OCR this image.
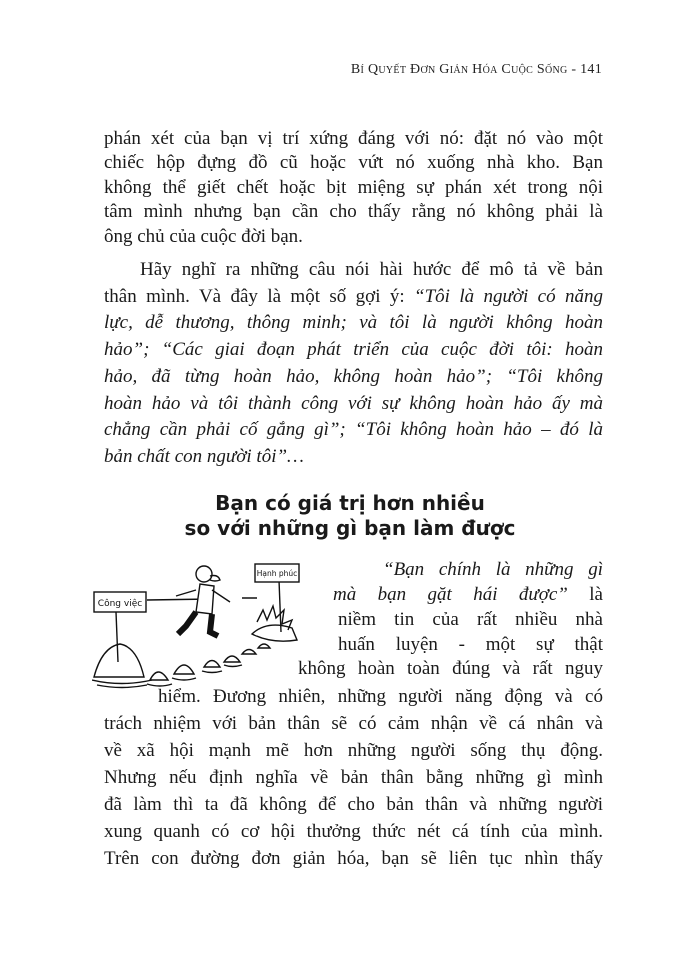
Bí Quyết Đơn Giản Hóa Cuộc Sống - 141
phán xét của bạn vị trí xứng đáng với nó: đặt nó vào một
chiếc hộp đựng đồ cũ hoặc vứt nó xuống nhà kho. Bạn
không thể giết chết hoặc bịt miệng sự phán xét trong nội
tâm mình nhưng bạn cần cho thấy rằng nó không phải là
ông chủ của cuộc đời bạn.
Hãy nghĩ ra những câu nói hài hước để mô tả về bản
thân mình. Và đây là một số gợi ý: “Tôi là người có năng
lực, dễ thương, thông minh; và tôi là người không hoàn
hảo”; “Các giai đoạn phát triển của cuộc đời tôi: hoàn
hảo, đã từng hoàn hảo, không hoàn hảo”; “Tôi không
hoàn hảo và tôi thành công với sự không hoàn hảo ấy mà
chẳng cần phải cố gắng gì”; “Tôi không hoàn hảo – đó là
bản chất con người tôi”…
Bạn có giá trị hơn nhiều
so với những gì bạn làm được
Công việc
Hạnh phúc	“Bạn chính là những gì
mà bạn gặt hái được” là
niềm tin của rất nhiều nhà
huấn luyện - một sự thật
không hoàn toàn đúng và rất nguy
hiểm. Đương nhiên, những người năng động và có
trách nhiệm với bản thân sẽ có cảm nhận về cá nhân và
về xã hội mạnh mẽ hơn những người sống thụ động.
Nhưng nếu định nghĩa về bản thân bằng những gì mình
đã làm thì ta đã không để cho bản thân và những người
xung quanh có cơ hội thưởng thức nét cá tính của mình.
Trên con đường đơn giản hóa, bạn sẽ liên tục nhìn thấy
